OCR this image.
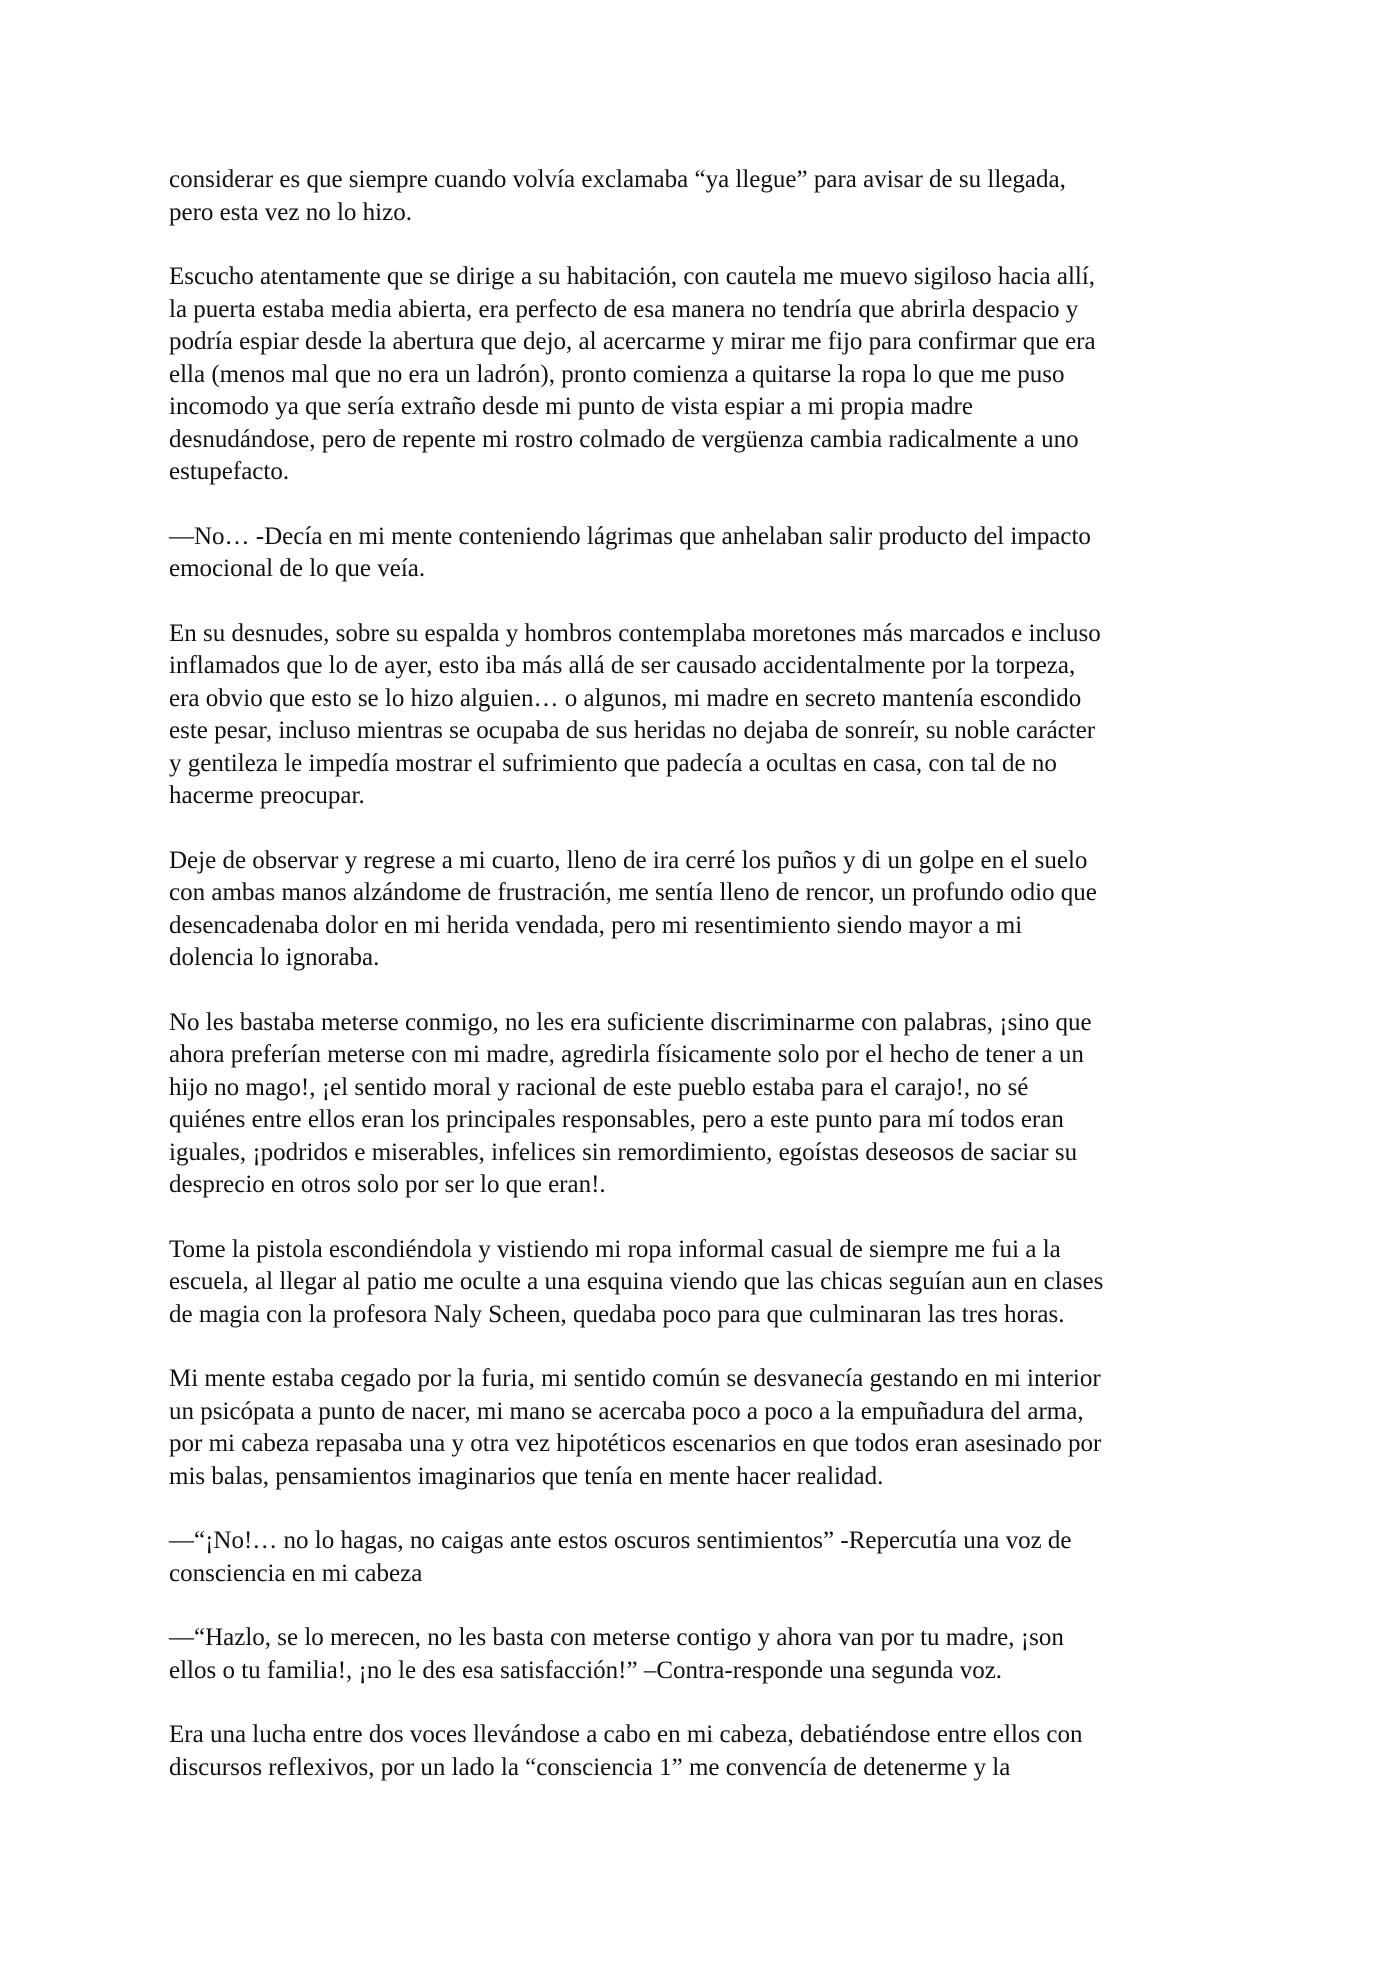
considerar es que siempre cuando volvía exclamaba “ya llegue” para avisar de su llegada,
pero esta vez no lo hizo.

Escucho atentamente que se dirige a su habitación, con cautela me muevo sigiloso hacia allí,
la puerta estaba media abierta, era perfecto de esa manera no tendría que abrirla despacio y
podría espiar desde la abertura que dejo, al acercarme y mirar me fijo para confirmar que era
ella (menos mal que no era un ladrón), pronto comienza a quitarse la ropa lo que me puso
incomodo ya que sería extraño desde mi punto de vista espiar a mi propia madre
desnudándose, pero de repente mi rostro colmado de vergüenza cambia radicalmente a uno
estupefacto.

—No… -Decía en mi mente conteniendo lágrimas que anhelaban salir producto del impacto
emocional de lo que veía.

En su desnudes, sobre su espalda y hombros contemplaba moretones más marcados e incluso
inflamados que lo de ayer, esto iba más allá de ser causado accidentalmente por la torpeza,
era obvio que esto se lo hizo alguien… o algunos, mi madre en secreto mantenía escondido
este pesar, incluso mientras se ocupaba de sus heridas no dejaba de sonreír, su noble carácter
y gentileza le impedía mostrar el sufrimiento que padecía a ocultas en casa, con tal de no
hacerme preocupar.

Deje de observar y regrese a mi cuarto, lleno de ira cerré los puños y di un golpe en el suelo
con ambas manos alzándome de frustración, me sentía lleno de rencor, un profundo odio que
desencadenaba dolor en mi herida vendada, pero mi resentimiento siendo mayor a mi
dolencia lo ignoraba.

No les bastaba meterse conmigo, no les era suficiente discriminarme con palabras, ¡sino que
ahora preferían meterse con mi madre, agredirla físicamente solo por el hecho de tener a un
hijo no mago!, ¡el sentido moral y racional de este pueblo estaba para el carajo!, no sé
quiénes entre ellos eran los principales responsables, pero a este punto para mí todos eran
iguales, ¡podridos e miserables, infelices sin remordimiento, egoístas deseosos de saciar su
desprecio en otros solo por ser lo que eran!.

Tome la pistola escondiéndola y vistiendo mi ropa informal casual de siempre me fui a la
escuela, al llegar al patio me oculte a una esquina viendo que las chicas seguían aun en clases
de magia con la profesora Naly Scheen, quedaba poco para que culminaran las tres horas.

Mi mente estaba cegado por la furia, mi sentido común se desvanecía gestando en mi interior
un psicópata a punto de nacer, mi mano se acercaba poco a poco a la empuñadura del arma,
por mi cabeza repasaba una y otra vez hipotéticos escenarios en que todos eran asesinado por
mis balas, pensamientos imaginarios que tenía en mente hacer realidad.

—“¡No!… no lo hagas, no caigas ante estos oscuros sentimientos” -Repercutía una voz de
consciencia en mi cabeza

—“Hazlo, se lo merecen, no les basta con meterse contigo y ahora van por tu madre, ¡son
ellos o tu familia!, ¡no le des esa satisfacción!” –Contra-responde una segunda voz.

Era una lucha entre dos voces llevándose a cabo en mi cabeza, debatiéndose entre ellos con
discursos reflexivos, por un lado la “consciencia 1” me convencía de detenerme y la
